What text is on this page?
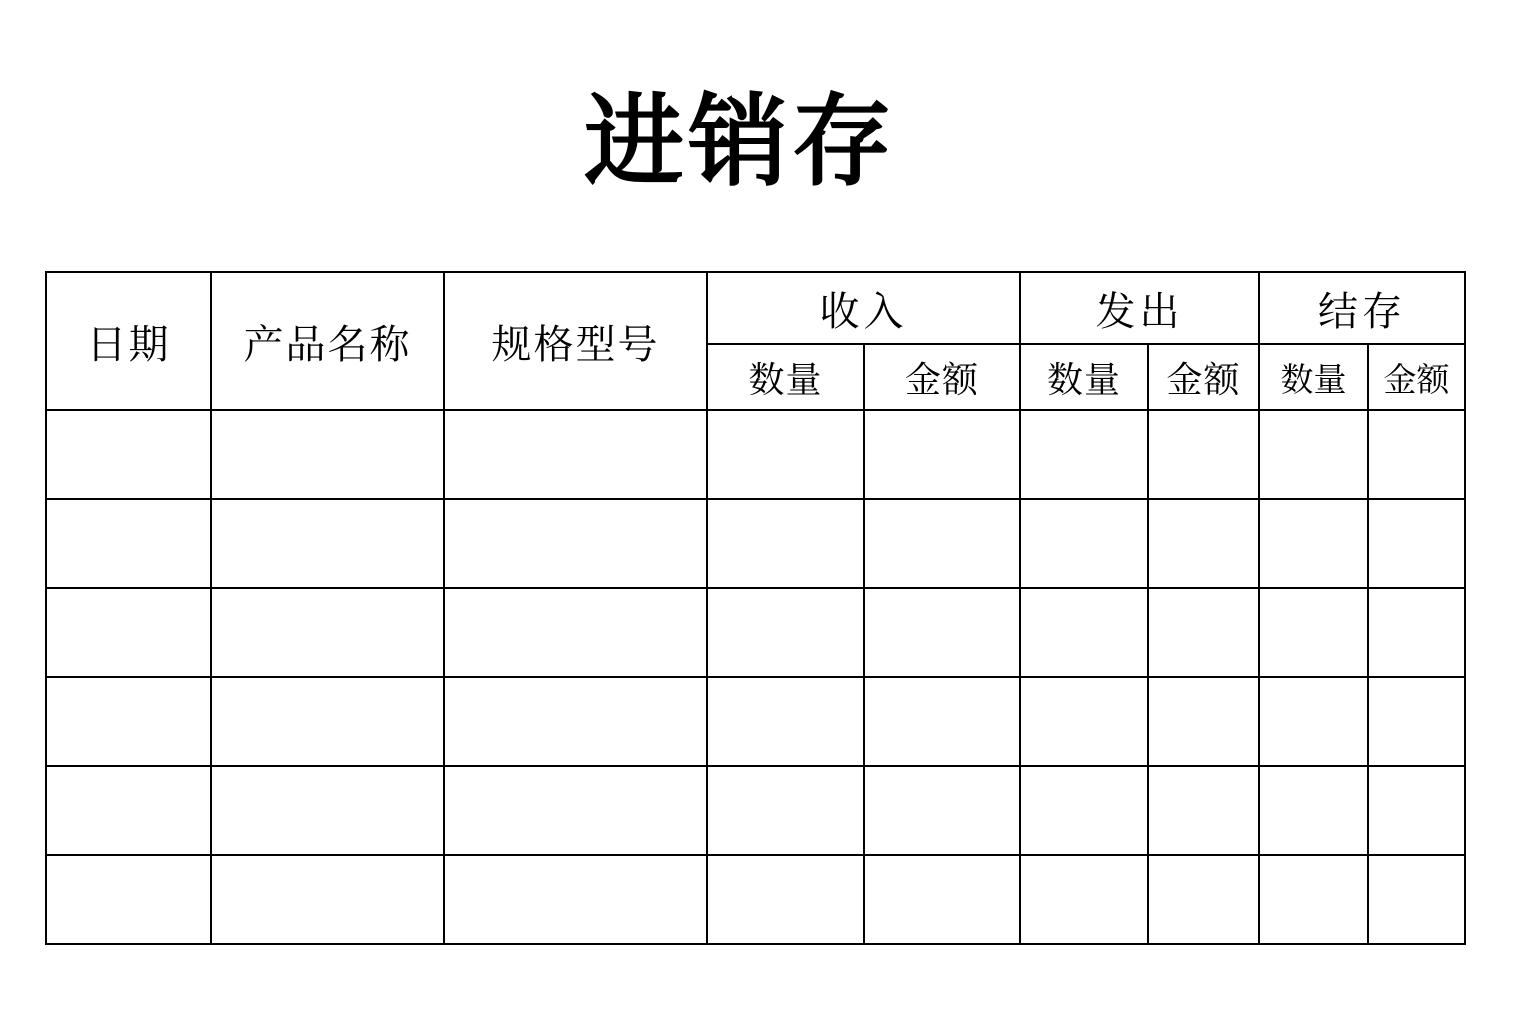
进销存
日期	产品名称	规格型号	收入		发出		结存	
			数量	金额	数量	金额	数量	金额
